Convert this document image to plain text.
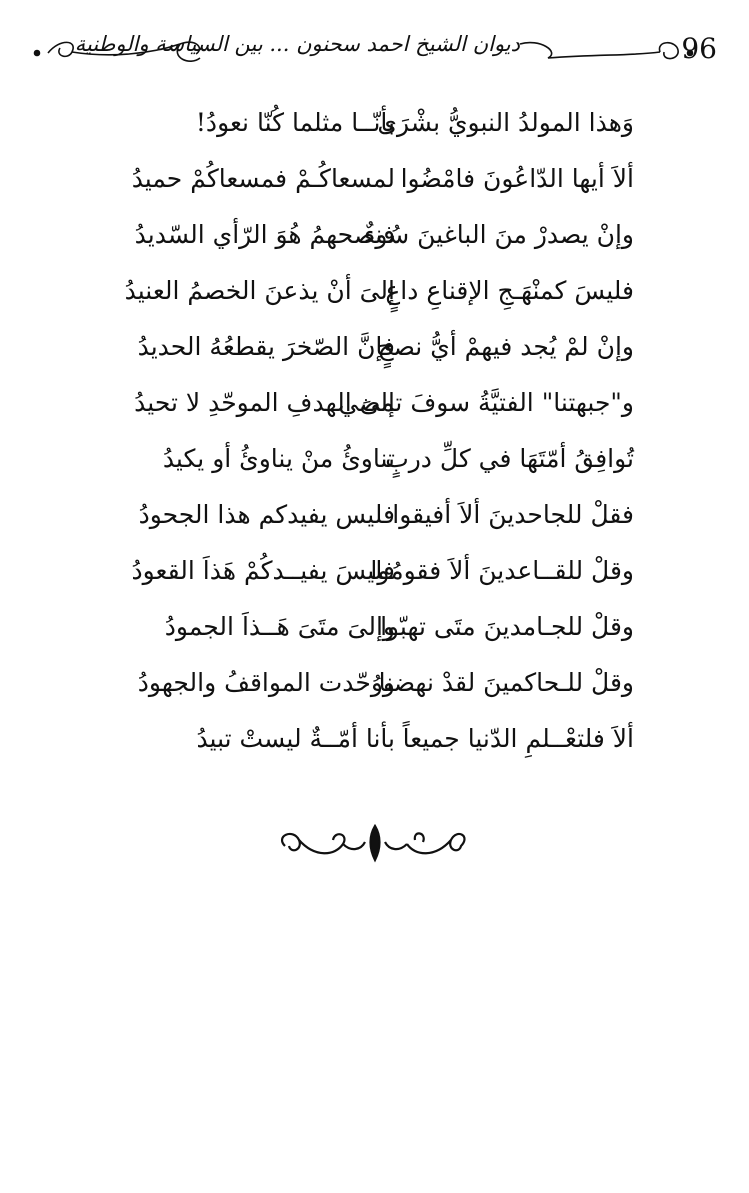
96
ديوان الشيخ احمد سحنون ... بين السياسة والوطنية
وَهذا المولدُ النبويُّ بشْرَى
بأنّــا مثلما كُنّا نعودُ!
ألاَ أيها الدّاعُونَ فامْضُوا
لمسعاكُـمْ فمسعاكُمْ حميدُ
وإنْ يصدرْ منَ الباغينَ سُوءٌ
فنصحهمُ هُوَ الرّأي السّديدُ
فليسَ كمنْهَـجِ الإقناعِ داعٍ
إلىَ أنْ يذعنَ الخصمُ العنيدُ
وإنْ لمْ يُجد فيهمْ أيُّ نصحٍ
فإنَّ الصّخرَ يقطعُهُ الحديدُ
و"جبهتنا" الفتيَّةُ سوفَ تمضي
إلىَ الهدفِ الموحّدِ لا تحيدُ
تُوافِقُ أمّتَهَا في كلِّ دربٍ
تناوئُ منْ يناوئُ أو يكيدُ
فقلْ للجاحدينَ ألاَ أفيقوا
فليس يفيدكم هذا الجحودُ
وقلْ للقــاعدينَ ألاَ فقومُوا
فليسَ يفيــدكُمْ هَذاَ القعودُ
وقلْ للجـامدينَ متَى تهبّوا
وإلىَ متَىَ هَــذاَ الجمودُ
وقلْ للـحاكمينَ لقدْ نهضنا
ووُحّدت المواقفُ والجهودُ
ألاَ فلتعْــلمِ الدّنيا جميعاً
بأنا أمّــةٌ ليستْ تبيدُ
